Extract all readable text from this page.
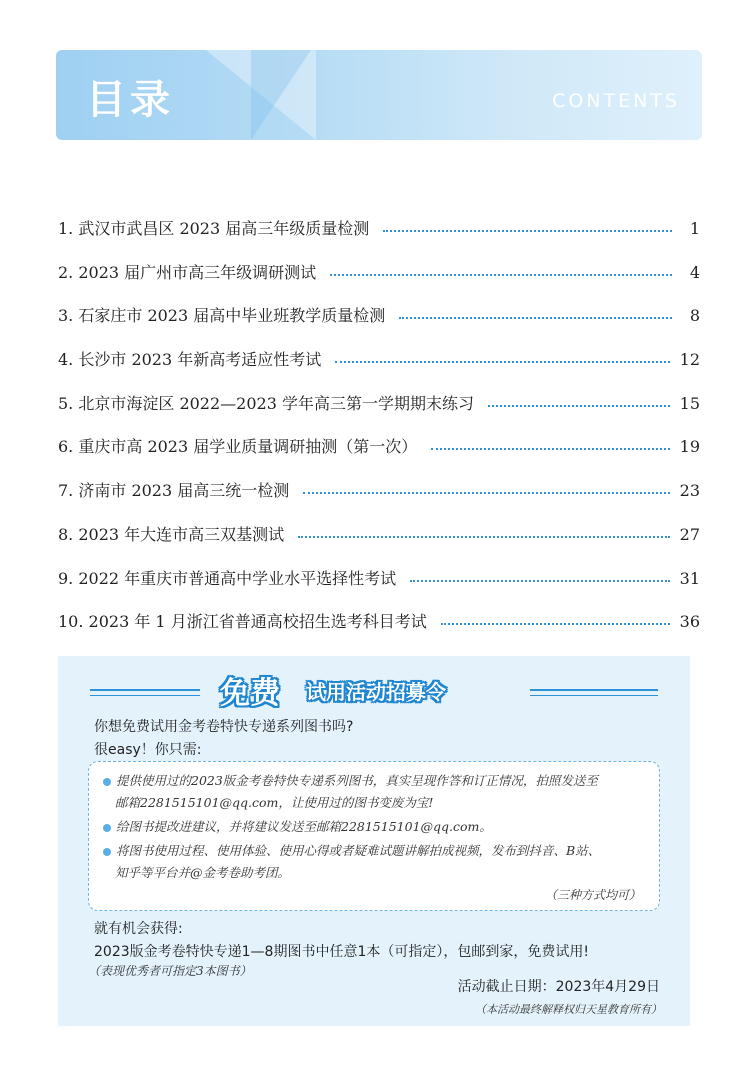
目录	CONTENTS
1. 武汉市武昌区 2023 届高三年级质量检测	1
2. 2023 届广州市高三年级调研测试	4
3. 石家庄市 2023 届高中毕业班教学质量检测	8
4. 长沙市 2023 年新高考适应性考试	12
5. 北京市海淀区 2022—2023 学年高三第一学期期末练习	15
6. 重庆市高 2023 届学业质量调研抽测（第一次）	19
7. 济南市 2023 届高三统一检测	23
8. 2023 年大连市高三双基测试	27
9. 2022 年重庆市普通高中学业水平选择性考试	31
10. 2023 年 1 月浙江省普通高校招生选考科目考试	36
免费 试用活动招募令
你想免费试用金考卷特快专递系列图书吗?
很easy！你只需:
提供使用过的2023版金考卷特快专递系列图书，真实呈现作答和订正情况，拍照发送至
邮箱2281515101@qq.com，让使用过的图书变废为宝!
给图书提改进建议，并将建议发送至邮箱2281515101@qq.com。
将图书使用过程、使用体验、使用心得或者疑难试题讲解拍成视频，发布到抖音、B站、
知乎等平台并@金考卷助考团。
（三种方式均可）
就有机会获得:
2023版金考卷特快专递1—8期图书中任意1本（可指定），包邮到家，免费试用!
（表现优秀者可指定3本图书）
活动截止日期：2023年4月29日
（本活动最终解释权归天星教育所有）
